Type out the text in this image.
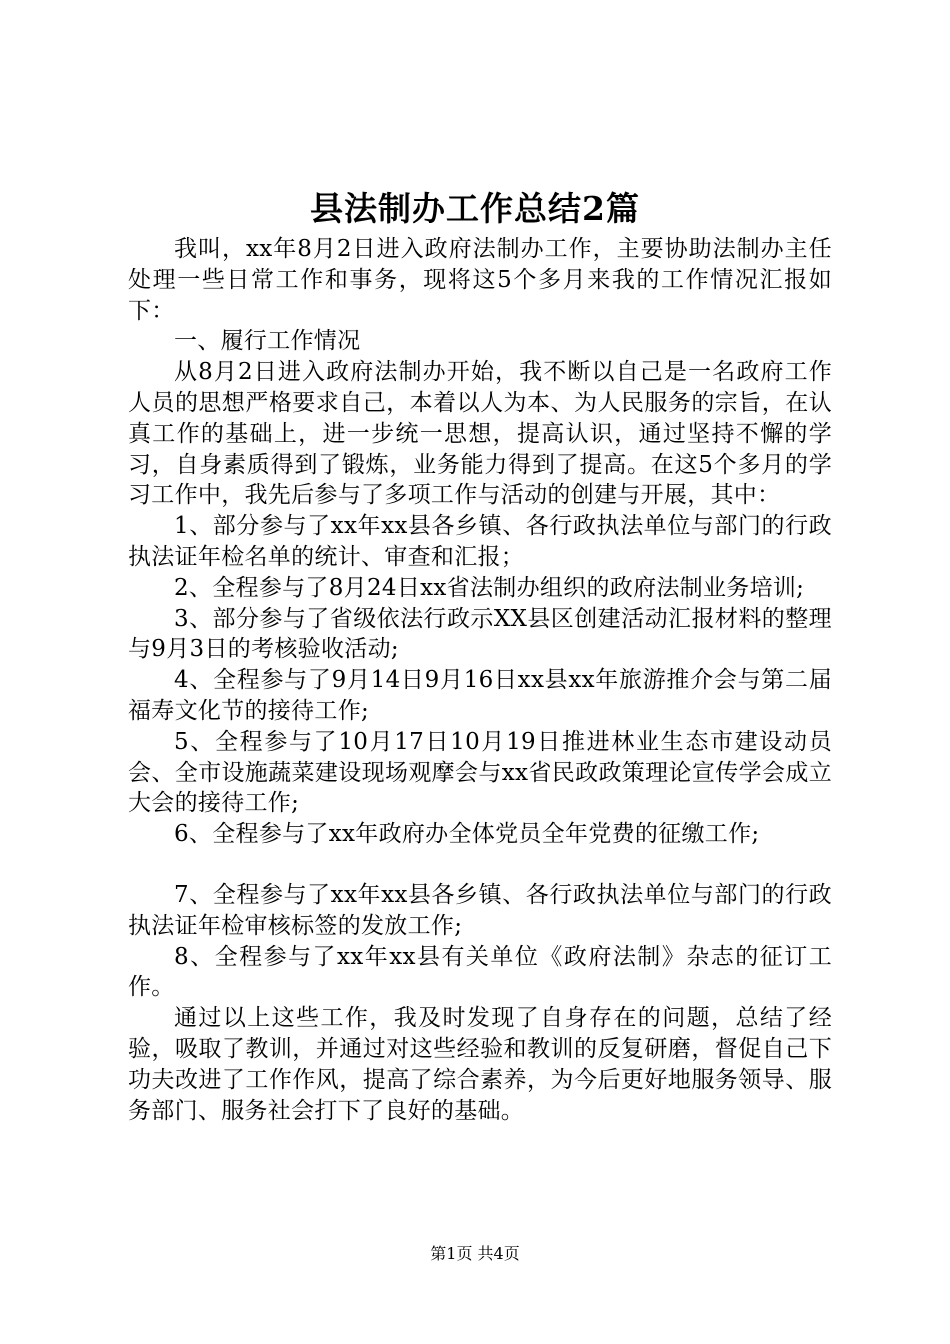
县法制办工作总结2篇

我叫，xx年8月2日进入政府法制办工作，主要协助法制办主任处理一些日常工作和事务，现将这5个多月来我的工作情况汇报如下：

一、履行工作情况

从8月2日进入政府法制办开始，我不断以自己是一名政府工作人员的思想严格要求自己，本着以人为本、为人民服务的宗旨，在认真工作的基础上，进一步统一思想，提高认识，通过坚持不懈的学习，自身素质得到了锻炼，业务能力得到了提高。在这5个多月的学习工作中，我先后参与了多项工作与活动的创建与开展，其中：

1、部分参与了xx年xx县各乡镇、各行政执法单位与部门的行政执法证年检名单的统计、审查和汇报；

2、全程参与了8月24日xx省法制办组织的政府法制业务培训;

3、部分参与了省级依法行政示XX县区创建活动汇报材料的整理与9月3日的考核验收活动;

4、全程参与了9月14日9月16日xx县xx年旅游推介会与第二届福寿文化节的接待工作;

5、全程参与了10月17日10月19日推进林业生态市建设动员会、全市设施蔬菜建设现场观摩会与xx省民政政策理论宣传学会成立大会的接待工作;

6、全程参与了xx年政府办全体党员全年党费的征缴工作;

7、全程参与了xx年xx县各乡镇、各行政执法单位与部门的行政执法证年检审核标签的发放工作;

8、全程参与了xx年xx县有关单位《政府法制》杂志的征订工作。

通过以上这些工作，我及时发现了自身存在的问题，总结了经验，吸取了教训，并通过对这些经验和教训的反复研磨，督促自己下功夫改进了工作作风，提高了综合素养，为今后更好地服务领导、服务部门、服务社会打下了良好的基础。

第1页 共4页
